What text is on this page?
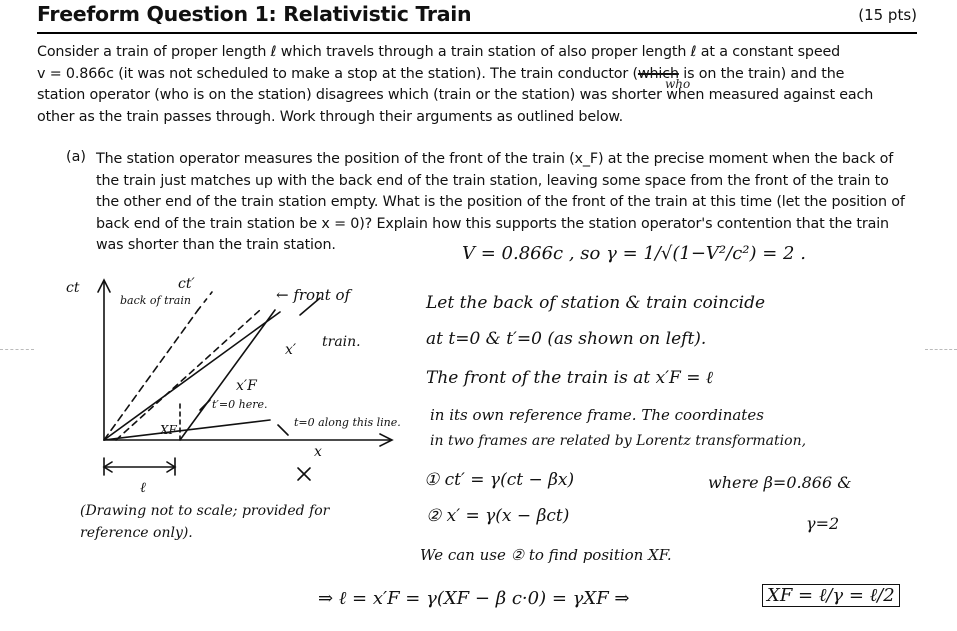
Freeform Question 1: Relativistic Train	(15 pts)
Consider a train of proper length ℓ which travels through a train station of also proper length ℓ at a constant speed
v = 0.866c (it was not scheduled to make a stop at the station). The train conductor (which is on the train) and the
station operator (who is on the station) disagrees which (train or the station) was shorter when measured against each
other as the train passes through. Work through their arguments as outlined below.
who
(a) The station operator measures the position of the front of the train (x_F) at the precise moment when the back of the train just matches up with the back end of the train station, leaving some space from the front of the train to the other end of the train station empty. What is the position of the front of the train at this time (let the position of back end of the train station be x = 0)? Explain how this supports the station operator's contention that the train was shorter than the train station.
ct	ct′
back of train	← front of
x′ train.
x′F
XF
t′=0 here.
t=0 along this line.
x
ℓ
(Drawing not to scale; provided for reference only).
V = 0.866c , so γ = 1/√(1−V²/c²) = 2 .
Let the back of station & train coincide
at t=0 & t′=0 (as shown on left).
The front of the train is at x′F = ℓ
in its own reference frame. The coordinates
in two frames are related by Lorentz transformation,
① ct′ = γ(ct − βx)	where β=0.866 &
② x′ = γ(x − βct)	γ=2
We can use ② to find position XF.
⇒ ℓ = x′F = γ(XF − β c·0) = γXF ⇒	XF = ℓ/γ = ℓ/2
